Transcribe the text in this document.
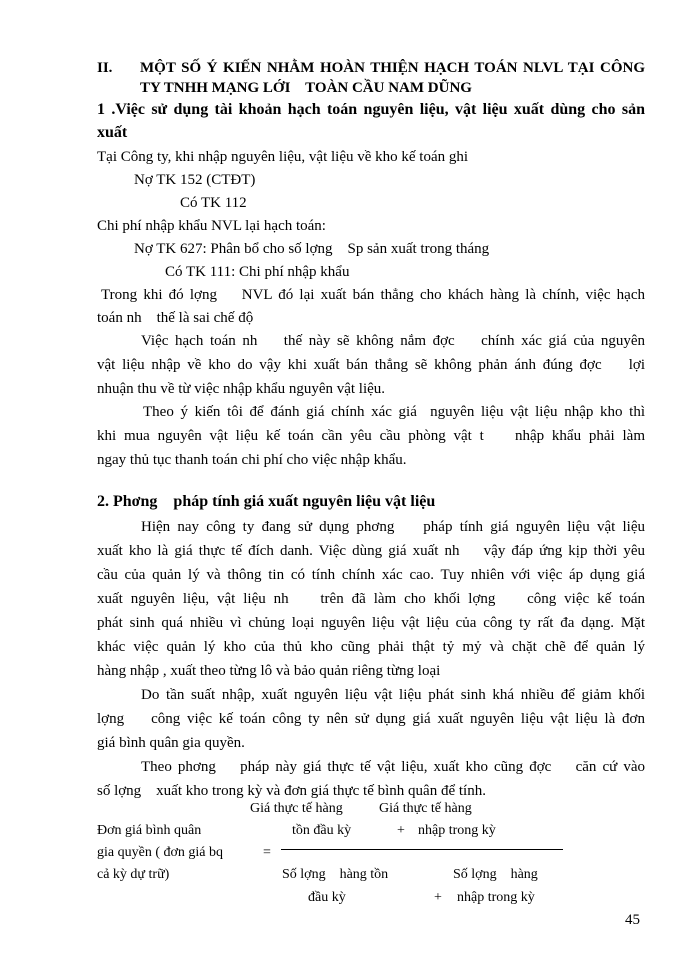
II. MỘT SỐ Ý KIẾN NHẰM HOÀN THIỆN HẠCH TOÁN NLVL TẠI CÔNG
TY TNHH MẠNG LỚI    TOÀN CẦU NAM DŨNG
1 .Việc sử dụng tài khoản hạch toán nguyên liệu, vật liệu xuất dùng cho sản
xuất
Tại Công ty, khi nhập nguyên liệu, vật liệu về kho kế toán ghi
Nợ TK 152 (CTĐT)
Có TK 112
Chi phí nhập khẩu NVL lại hạch toán:
Nợ TK 627: Phân bổ cho số lợng    Sp sản xuất trong tháng
Có TK 111: Chi phí nhập khẩu
Trong khi đó lợng    NVL đó lại xuất bán thẳng cho khách hàng là chính, việc hạch
toán nh    thế là sai chế độ
Việc hạch toán nh    thế này sẽ không nắm đợc    chính xác giá của nguyên
vật liệu nhập về kho do vậy khi xuất bán thẳng sẽ không phản ánh đúng đợc    lợi
nhuận thu về từ việc nhập khẩu nguyên vật liệu.
Theo ý kiến tôi để đánh giá chính xác giá  nguyên liệu vật liệu nhập kho thì
khi mua nguyên vật liệu kế toán cần yêu cầu phòng vật t    nhập khẩu phải làm
ngay thủ tục thanh toán chi phí cho việc nhập khẩu.
2. Phơng    pháp tính giá xuất nguyên liệu vật liệu
Hiện nay công ty đang sử dụng phơng    pháp tính giá nguyên liệu vật liệu
xuất kho là giá thực tế đích danh. Việc dùng giá xuất nh    vậy đáp ứng kịp thời yêu
cầu của quản lý và thông tin có tính chính xác cao. Tuy nhiên với việc áp dụng giá
xuất nguyên liệu, vật liệu nh    trên đã làm cho khối lợng    công việc kế toán
phát sinh quá nhiều vì chủng loại nguyên liệu vật liệu của công ty rất đa dạng. Mặt
khác việc quản lý kho của thủ kho cũng phải thật tỷ mỷ và chặt chẽ để quản lý
hàng nhập , xuất theo từng lô và bảo quản riêng từng loại
Do tần suất nhập, xuất nguyên liệu vật liệu phát sinh khá nhiều để giảm khối
lợng    công việc kế toán công ty nên sử dụng giá xuất nguyên liệu vật liệu là đơn
giá bình quân gia quyền.
Theo phơng    pháp này giá thực tế vật liệu, xuất kho cũng đợc    căn cứ vào
số lợng    xuất kho trong kỳ và đơn giá thực tế bình quân để tính.
Giá thực tế hàng	Giá thực tế hàng
Đơn giá bình quân	tồn đầu kỳ	+ nhập trong kỳ
gia quyền ( đơn giá bq	=
cả kỳ dự trữ)	Số lợng    hàng tồn	Số lợng    hàng
đầu kỳ	+ nhập trong kỳ
45
